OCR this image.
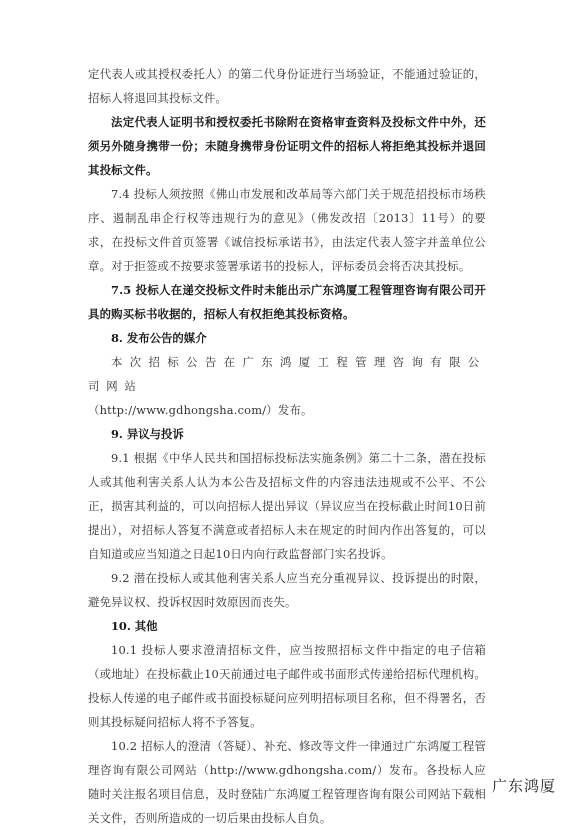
定代表人或其授权委托人）的第二代身份证进行当场验证，不能通过验证的，招标人将退回其投标文件。

法定代表人证明书和授权委托书除附在资格审查资料及投标文件中外，还须另外随身携带一份；未随身携带身份证明文件的招标人将拒绝其投标并退回其投标文件。

7.4 投标人须按照《佛山市发展和改革局等六部门关于规范招投标市场秩序、遏制乱串企行权等违规行为的意见》（佛发改招〔2013〕11号）的要求，在投标文件首页签署《诚信投标承诺书》，由法定代表人签字并盖单位公章。对于拒签或不按要求签署承诺书的投标人，评标委员会将否决其投标。

7.5 投标人在递交投标文件时未能出示广东鸿厦工程管理咨询有限公司开具的购买标书收据的，招标人有权拒绝其投标资格。

8. 发布公告的媒介

本次招标公告在广东鸿厦工程管理咨询有限公司网站

（http://www.gdhongsha.com/）发布。

9. 异议与投诉

9.1 根据《中华人民共和国招标投标法实施条例》第二十二条，潜在投标人或其他利害关系人认为本公告及招标文件的内容违法违规或不公平、不公正，损害其利益的，可以向招标人提出异议（异议应当在投标截止时间10日前提出），对招标人答复不满意或者招标人未在规定的时间内作出答复的，可以自知道或应当知道之日起10日内向行政监督部门实名投诉。

9.2 潜在投标人或其他利害关系人应当充分重视异议、投诉提出的时限，避免异议权、投诉权因时效原因而丧失。

10. 其他

10.1 投标人要求澄清招标文件，应当按照招标文件中指定的电子信箱（或地址）在投标截止10天前通过电子邮件或书面形式传递给招标代理机构。投标人传递的电子邮件或书面投标疑问应列明招标项目名称，但不得署名，否则其投标疑问招标人将不予答复。

10.2 招标人的澄清（答疑）、补充、修改等文件一律通过广东鸿厦工程管理咨询有限公司网站（http://www.gdhongsha.com/）发布。各投标人应随时关注报名项目信息，及时登陆广东鸿厦工程管理咨询有限公司网站下载相关文件，否则所造成的一切后果由投标人自负。

广东鸿厦
